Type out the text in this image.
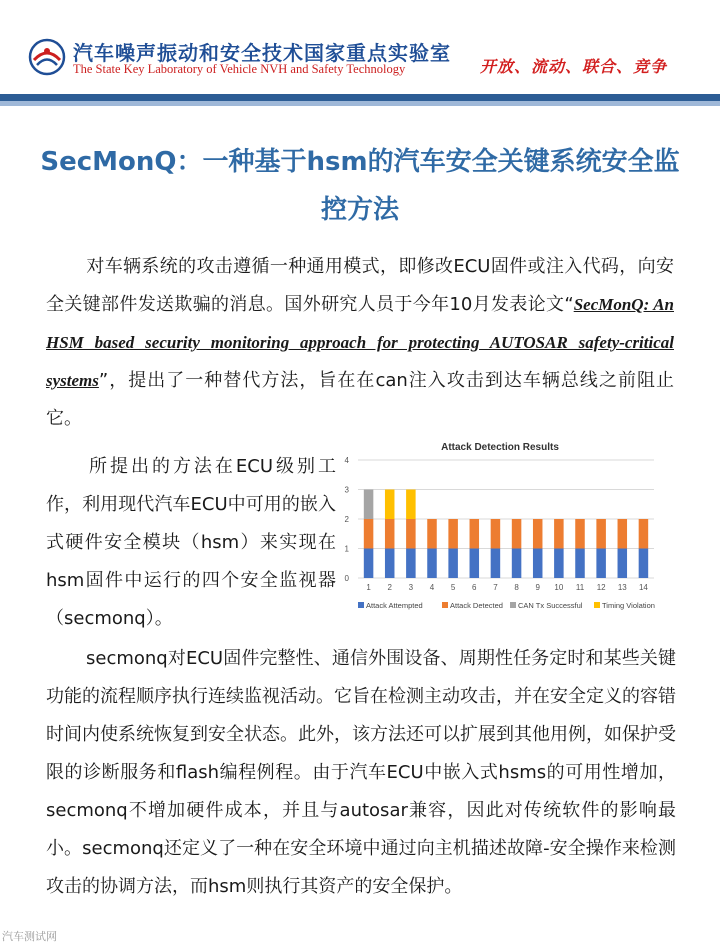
汽车噪声振动和安全技术国家重点实验室
The State Key Laboratory of Vehicle NVH and Safety Technology	开放、流动、联合、竞争
SecMonQ：一种基于hsm的汽车安全关键系统安全监控方法

对车辆系统的攻击遵循一种通用模式，即修改ECU固件或注入代码，向安全关键部件发送欺骗的消息。国外研究人员于今年10月发表论文“SecMonQ: An HSM based security monitoring approach for protecting AUTOSAR safety-critical systems”，提出了一种替代方法，旨在在can注入攻击到达车辆总线之前阻止它。

所提出的方法在ECU级别工作，利用现代汽车ECU中可用的嵌入式硬件安全模块（hsm）来实现在hsm固件中运行的四个安全监视器（secmonq）。

Attack Detection Results
0
1
2
3
4
1 2 3 4 5 6 7 8 9 10 11 12 13 14
Attack Attempted	Attack Detected CAN Tx Successful	Timing Violation

secmonq对ECU固件完整性、通信外围设备、周期性任务定时和某些关键功能的流程顺序执行连续监视活动。它旨在检测主动攻击，并在安全定义的容错时间内使系统恢复到安全状态。此外，该方法还可以扩展到其他用例，如保护受限的诊断服务和flash编程例程。由于汽车ECU中嵌入式hsms的可用性增加，secmonq不增加硬件成本，并且与autosar兼容，因此对传统软件的影响最小。secmonq还定义了一种在安全环境中通过向主机描述故障-安全操作来检测攻击的协调方法，而hsm则执行其资产的安全保护。

汽车测试网
